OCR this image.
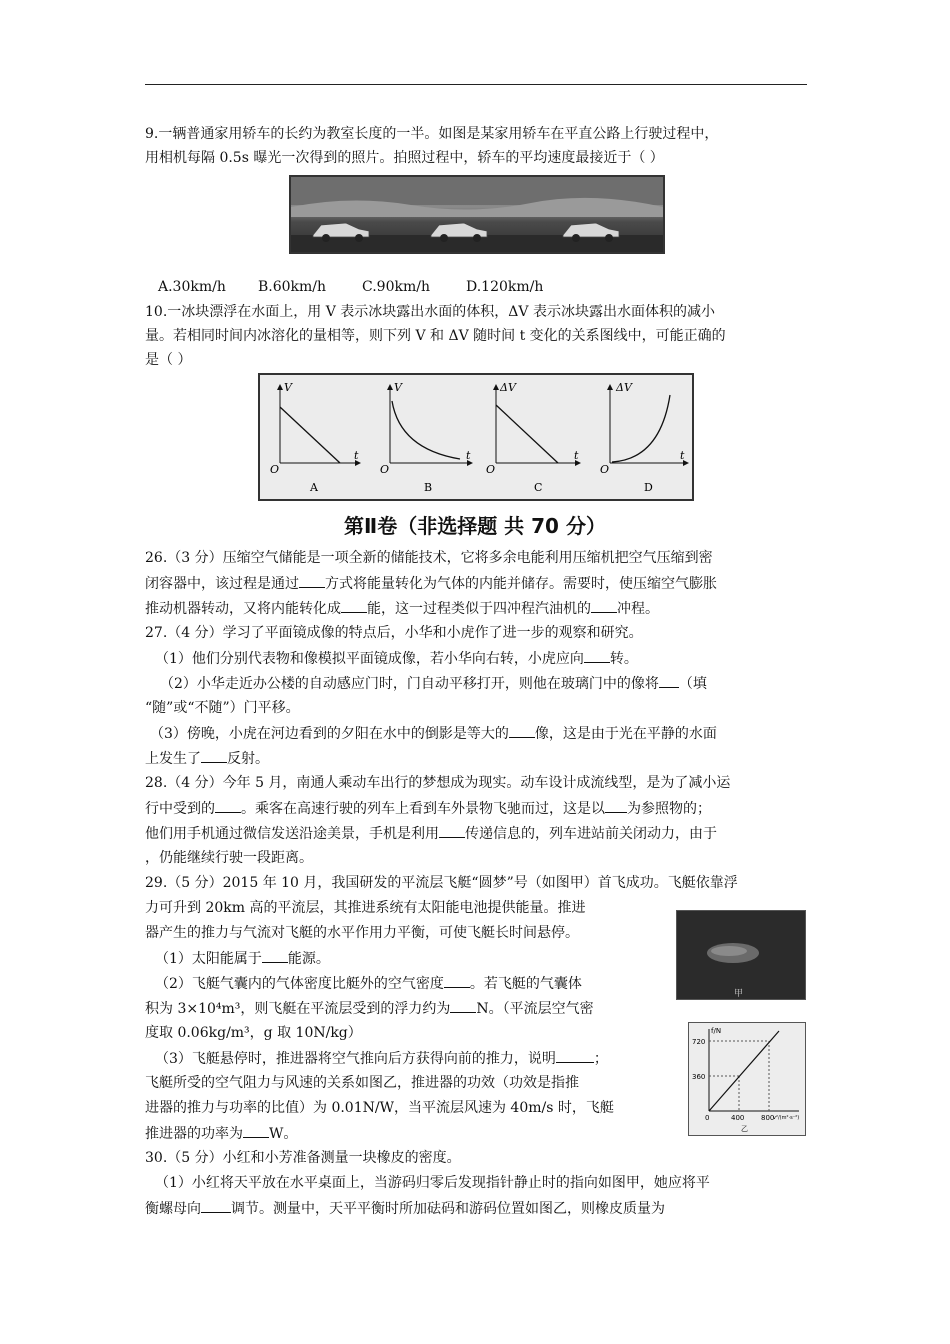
9.一辆普通家用轿车的长约为教室长度的一半。如图是某家用轿车在平直公路上行驶过程中，
用相机每隔 0.5s 曝光一次得到的照片。拍照过程中，轿车的平均速度最接近于（ ）
A.30km/h B.60km/h	C.90km/h	D.120km/h
10.一冰块漂浮在水面上，用 V 表示冰块露出水面的体积，ΔV 表示冰块露出水面体积的减小
量。若相同时间内冰溶化的量相等，则下列 V 和 ΔV 随时间 t 变化的关系图线中，可能正确的
是（ ）
V
t
O
A
V
t
O
B
ΔV
t
O
C
ΔV
t
O
D
第Ⅱ卷（非选择题 共 70 分）
26.（3 分）压缩空气储能是一项全新的储能技术，它将多余电能利用压缩机把空气压缩到密
闭容器中，该过程是通过 方式将能量转化为气体的内能并储存。需要时，使压缩空气膨胀
推动机器转动，又将内能转化成 能，这一过程类似于四冲程汽油机的 冲程。
27.（4 分）学习了平面镜成像的特点后，小华和小虎作了进一步的观察和研究。
（1）他们分别代表物和像模拟平面镜成像，若小华向右转，小虎应向 转。
（2）小华走近办公楼的自动感应门时，门自动平移打开，则他在玻璃门中的像将 （填
“随”或“不随”）门平移。
（3）傍晚，小虎在河边看到的夕阳在水中的倒影是等大的 像，这是由于光在平静的水面
上发生了 反射。
28.（4 分）今年 5 月，南通人乘动车出行的梦想成为现实。动车设计成流线型，是为了减小运
行中受到的 。乘客在高速行驶的列车上看到车外景物飞驰而过，这是以 为参照物的；
他们用手机通过微信发送沿途美景，手机是利用 传递信息的，列车进站前关闭动力，由于
，仍能继续行驶一段距离。
29.（5 分）2015 年 10 月，我国研发的平流层飞艇“圆梦”号（如图甲）首飞成功。飞艇依靠浮
力可升到 20km 高的平流层，其推进系统有太阳能电池提供能量。推进
器产生的推力与气流对飞艇的水平作用力平衡，可使飞艇长时间悬停。
（1）太阳能属于 能源。
（2）飞艇气囊内的气体密度比艇外的空气密度 。若飞艇的气囊体
积为 3×10⁴m³，则飞艇在平流层受到的浮力约为 N。（平流层空气密
度取 0.06kg/m³，g 取 10N/kg）
（3）飞艇悬停时，推进器将空气推向后方获得向前的推力，说明	；
飞艇所受的空气阻力与风速的关系如图乙，推进器的功效（功效是指推
进器的推力与功率的比值）为 0.01N/W，当平流层风速为 40m/s 时，飞艇
推进器的功率为 W。
甲
f/N
720
360
0	400 800
v²/(m²·s⁻²)
乙
30.（5 分）小红和小芳准备测量一块橡皮的密度。
（1）小红将天平放在水平桌面上，当游码归零后发现指针静止时的指向如图甲，她应将平
衡螺母向 调节。测量中，天平平衡时所加砝码和游码位置如图乙，则橡皮质量为
